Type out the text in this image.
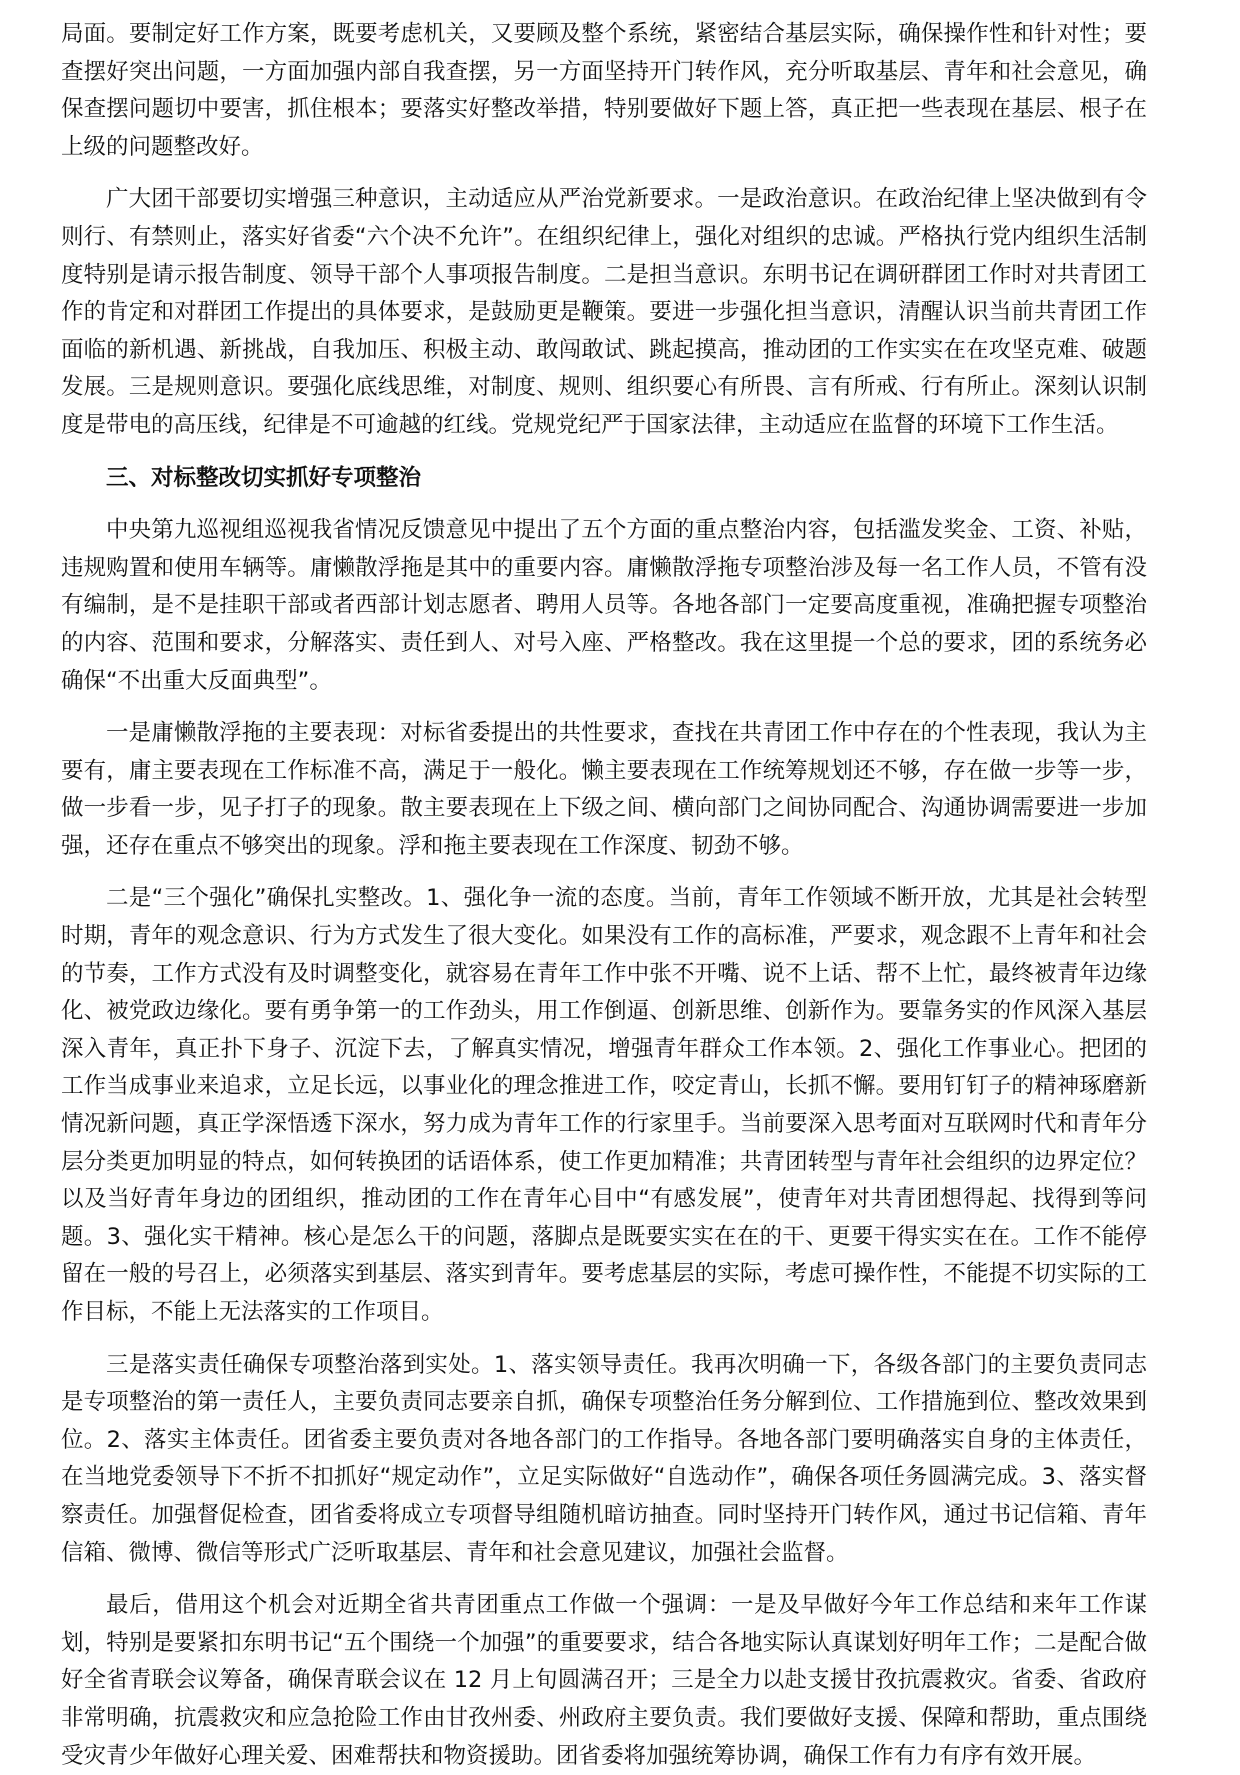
局面。要制定好工作方案，既要考虑机关，又要顾及整个系统，紧密结合基层实际，确保操作性和针对性；要查摆好突出问题，一方面加强内部自我查摆，另一方面坚持开门转作风，充分听取基层、青年和社会意见，确保查摆问题切中要害，抓住根本；要落实好整改举措，特别要做好下题上答，真正把一些表现在基层、根子在上级的问题整改好。

广大团干部要切实增强三种意识，主动适应从严治党新要求。一是政治意识。在政治纪律上坚决做到有令则行、有禁则止，落实好省委“六个决不允许”。在组织纪律上，强化对组织的忠诚。严格执行党内组织生活制度特别是请示报告制度、领导干部个人事项报告制度。二是担当意识。东明书记在调研群团工作时对共青团工作的肯定和对群团工作提出的具体要求，是鼓励更是鞭策。要进一步强化担当意识，清醒认识当前共青团工作面临的新机遇、新挑战，自我加压、积极主动、敢闯敢试、跳起摸高，推动团的工作实实在在攻坚克难、破题发展。三是规则意识。要强化底线思维，对制度、规则、组织要心有所畏、言有所戒、行有所止。深刻认识制度是带电的高压线，纪律是不可逾越的红线。党规党纪严于国家法律，主动适应在监督的环境下工作生活。

三、对标整改切实抓好专项整治

中央第九巡视组巡视我省情况反馈意见中提出了五个方面的重点整治内容，包括滥发奖金、工资、补贴，违规购置和使用车辆等。庸懒散浮拖是其中的重要内容。庸懒散浮拖专项整治涉及每一名工作人员，不管有没有编制，是不是挂职干部或者西部计划志愿者、聘用人员等。各地各部门一定要高度重视，准确把握专项整治的内容、范围和要求，分解落实、责任到人、对号入座、严格整改。我在这里提一个总的要求，团的系统务必确保“不出重大反面典型”。

一是庸懒散浮拖的主要表现：对标省委提出的共性要求，查找在共青团工作中存在的个性表现，我认为主要有，庸主要表现在工作标准不高，满足于一般化。懒主要表现在工作统筹规划还不够，存在做一步等一步，做一步看一步，见子打子的现象。散主要表现在上下级之间、横向部门之间协同配合、沟通协调需要进一步加强，还存在重点不够突出的现象。浮和拖主要表现在工作深度、韧劲不够。

二是“三个强化”确保扎实整改。1、强化争一流的态度。当前，青年工作领域不断开放，尤其是社会转型时期，青年的观念意识、行为方式发生了很大变化。如果没有工作的高标准，严要求，观念跟不上青年和社会的节奏，工作方式没有及时调整变化，就容易在青年工作中张不开嘴、说不上话、帮不上忙，最终被青年边缘化、被党政边缘化。要有勇争第一的工作劲头，用工作倒逼、创新思维、创新作为。要靠务实的作风深入基层深入青年，真正扑下身子、沉淀下去，了解真实情况，增强青年群众工作本领。2、强化工作事业心。把团的工作当成事业来追求，立足长远，以事业化的理念推进工作，咬定青山，长抓不懈。要用钉钉子的精神琢磨新情况新问题，真正学深悟透下深水，努力成为青年工作的行家里手。当前要深入思考面对互联网时代和青年分层分类更加明显的特点，如何转换团的话语体系，使工作更加精准；共青团转型与青年社会组织的边界定位？以及当好青年身边的团组织，推动团的工作在青年心目中“有感发展”，使青年对共青团想得起、找得到等问题。3、强化实干精神。核心是怎么干的问题，落脚点是既要实实在在的干、更要干得实实在在。工作不能停留在一般的号召上，必须落实到基层、落实到青年。要考虑基层的实际，考虑可操作性，不能提不切实际的工作目标，不能上无法落实的工作项目。

三是落实责任确保专项整治落到实处。1、落实领导责任。我再次明确一下，各级各部门的主要负责同志是专项整治的第一责任人，主要负责同志要亲自抓，确保专项整治任务分解到位、工作措施到位、整改效果到位。2、落实主体责任。团省委主要负责对各地各部门的工作指导。各地各部门要明确落实自身的主体责任，在当地党委领导下不折不扣抓好“规定动作”，立足实际做好“自选动作”，确保各项任务圆满完成。3、落实督察责任。加强督促检查，团省委将成立专项督导组随机暗访抽查。同时坚持开门转作风，通过书记信箱、青年信箱、微博、微信等形式广泛听取基层、青年和社会意见建议，加强社会监督。

最后，借用这个机会对近期全省共青团重点工作做一个强调：一是及早做好今年工作总结和来年工作谋划，特别是要紧扣东明书记“五个围绕一个加强”的重要要求，结合各地实际认真谋划好明年工作；二是配合做好全省青联会议筹备，确保青联会议在 12 月上旬圆满召开；三是全力以赴支援甘孜抗震救灾。省委、省政府非常明确，抗震救灾和应急抢险工作由甘孜州委、州政府主要负责。我们要做好支援、保障和帮助，重点围绕受灾青少年做好心理关爱、困难帮扶和物资援助。团省委将加强统筹协调，确保工作有力有序有效开展。
